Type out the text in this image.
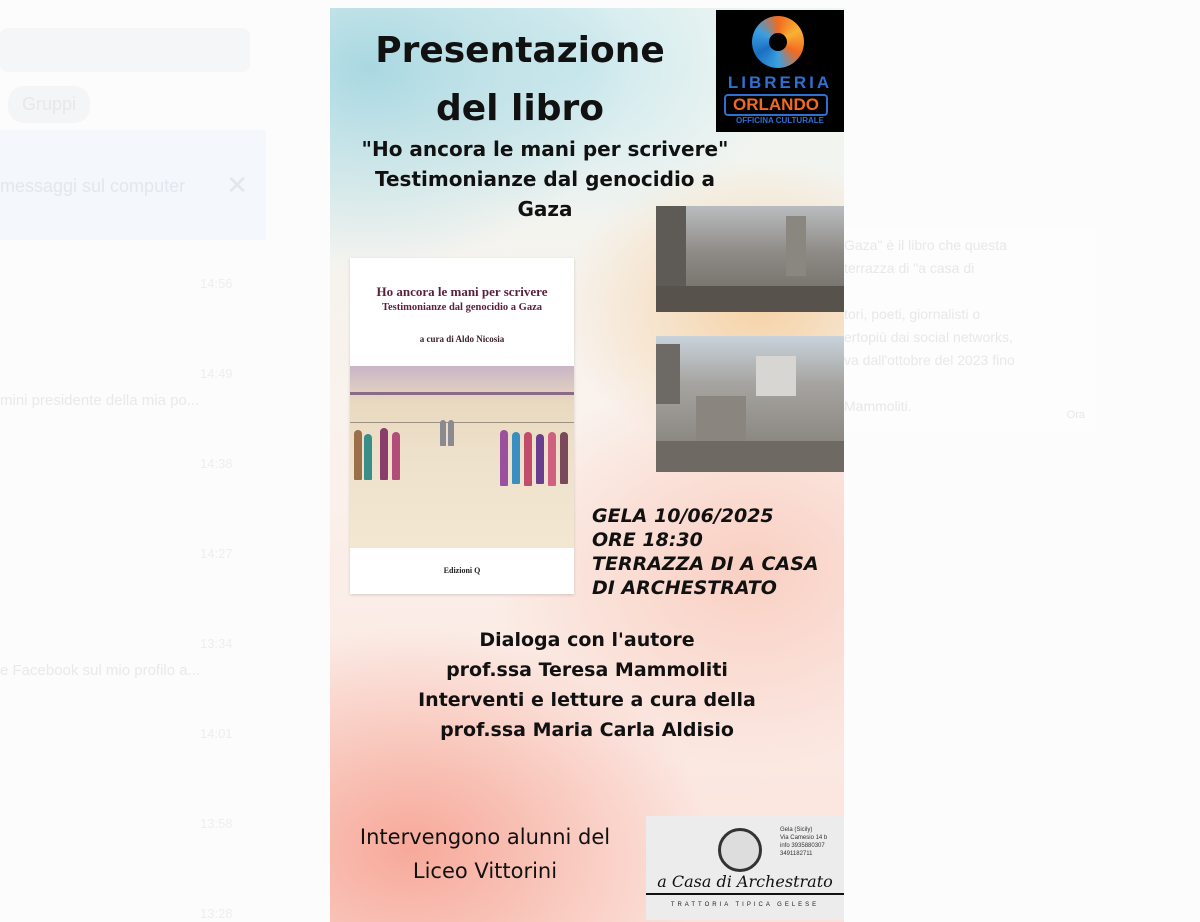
Gruppi
messaggi sul computer ✕
14:56
14:49
mini presidente della mia po...
14:38
14:27
13:34
e Facebook sul mio profilo a...
14:01
13:58
13:28
Gaza" è il libro che questa
terrazza di "a casa di
tori, poeti, giornalisti o
ertopiù dai social networks,
va dall'ottobre del 2023 fino
Mammoliti.
Ora
Presentazione
del libro
"Ho ancora le mani per scrivere"
Testimonianze dal genocidio a
Gaza
LIBRERIA
ORLANDO
OFFICINA CULTURALE
Ho ancora le mani per scrivere
Testimonianze dal genocidio a Gaza
a cura di Aldo Nicosia
Edizioni Q
GELA 10/06/2025
ORE 18:30
TERRAZZA DI A CASA
DI ARCHESTRATO
Dialoga con l'autore
prof.ssa Teresa Mammoliti
Interventi e letture a cura della
prof.ssa Maria Carla Aldisio
Intervengono alunni del
Liceo Vittorini
Gela (Sicily)
Via Camesio 14 b
info 3935880307
3491182711
a Casa di Archestrato
TRATTORIA TIPICA GELESE
